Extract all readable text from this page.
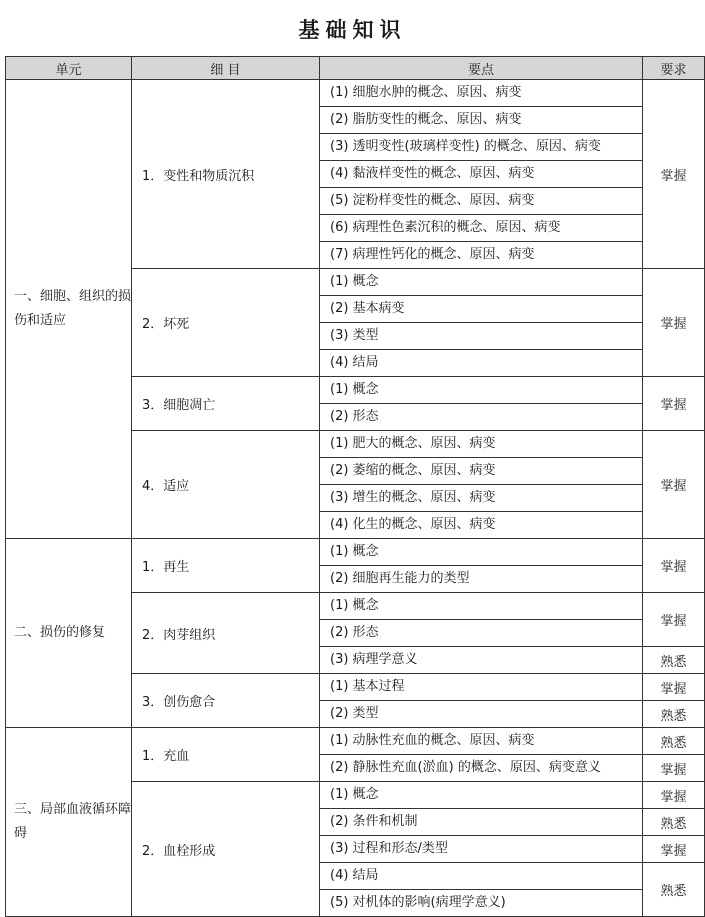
基础知识
单元	细 目	要点	要求
一、细胞、组织的损伤和适应	1．变性和物质沉积	(1) 细胞水肿的概念、原因、病变	掌握

		(2) 脂肪变性的概念、原因、病变	

		(3) 透明变性(玻璃样变性) 的概念、原因、病变	

		(4) 黏液样变性的概念、原因、病变	

		(5) 淀粉样变性的概念、原因、病变	

		(6) 病理性色素沉积的概念、原因、病变	

		(7) 病理性钙化的概念、原因、病变	

	2．坏死	(1) 概念	掌握

		(2) 基本病变	

		(3) 类型	

		(4) 结局	

	3．细胞凋亡	(1) 概念	掌握

		(2) 形态	

	4．适应	(1) 肥大的概念、原因、病变	掌握

		(2) 萎缩的概念、原因、病变	

		(3) 增生的概念、原因、病变	

		(4) 化生的概念、原因、病变	

二、损伤的修复	1．再生	(1) 概念	掌握

		(2) 细胞再生能力的类型	

	2．肉芽组织	(1) 概念	掌握

		(2) 形态	

		(3) 病理学意义	熟悉
	3．创伤愈合	(1) 基本过程	掌握

		(2) 类型	熟悉
三、局部血液循环障碍	1．充血	(1) 动脉性充血的概念、原因、病变	熟悉

		(2) 静脉性充血(淤血) 的概念、原因、病变意义	掌握
	2．血栓形成	(1) 概念	掌握

		(2) 条件和机制	熟悉

		(3) 过程和形态/类型	掌握

		(4) 结局	熟悉

		(5) 对机体的影响(病理学意义)	
